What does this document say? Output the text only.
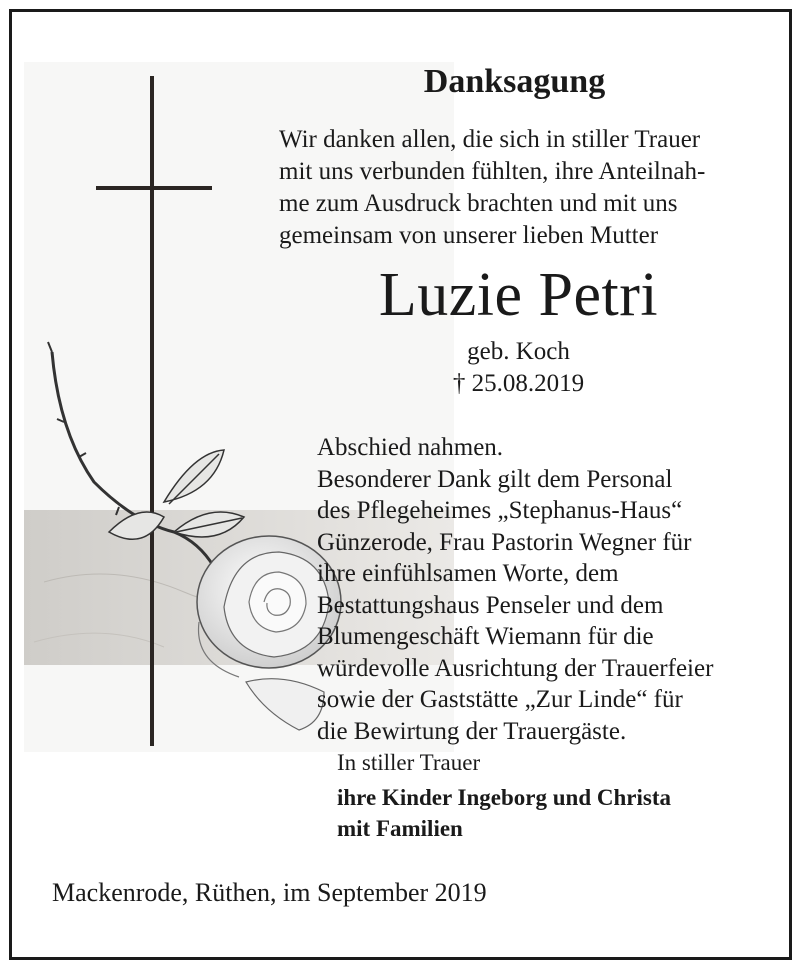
Danksagung
Wir danken allen, die sich in stiller Trauer
mit uns verbunden fühlten, ihre Anteilnah-
me zum Ausdruck brachten und mit uns
gemeinsam von unserer lieben Mutter
Luzie Petri
geb. Koch
† 25.08.2019
Abschied nahmen.
Besonderer Dank gilt dem Personal
des Pflegeheimes „Stephanus-Haus“
Günzerode, Frau Pastorin Wegner für
ihre einfühlsamen Worte, dem
Bestattungshaus Penseler und dem
Blumengeschäft Wiemann für die
würdevolle Ausrichtung der Trauerfeier
sowie der Gaststätte „Zur Linde“ für
die Bewirtung der Trauergäste.
In stiller Trauer
ihre Kinder Ingeborg und Christa
mit Familien
Mackenrode, Rüthen, im September 2019
